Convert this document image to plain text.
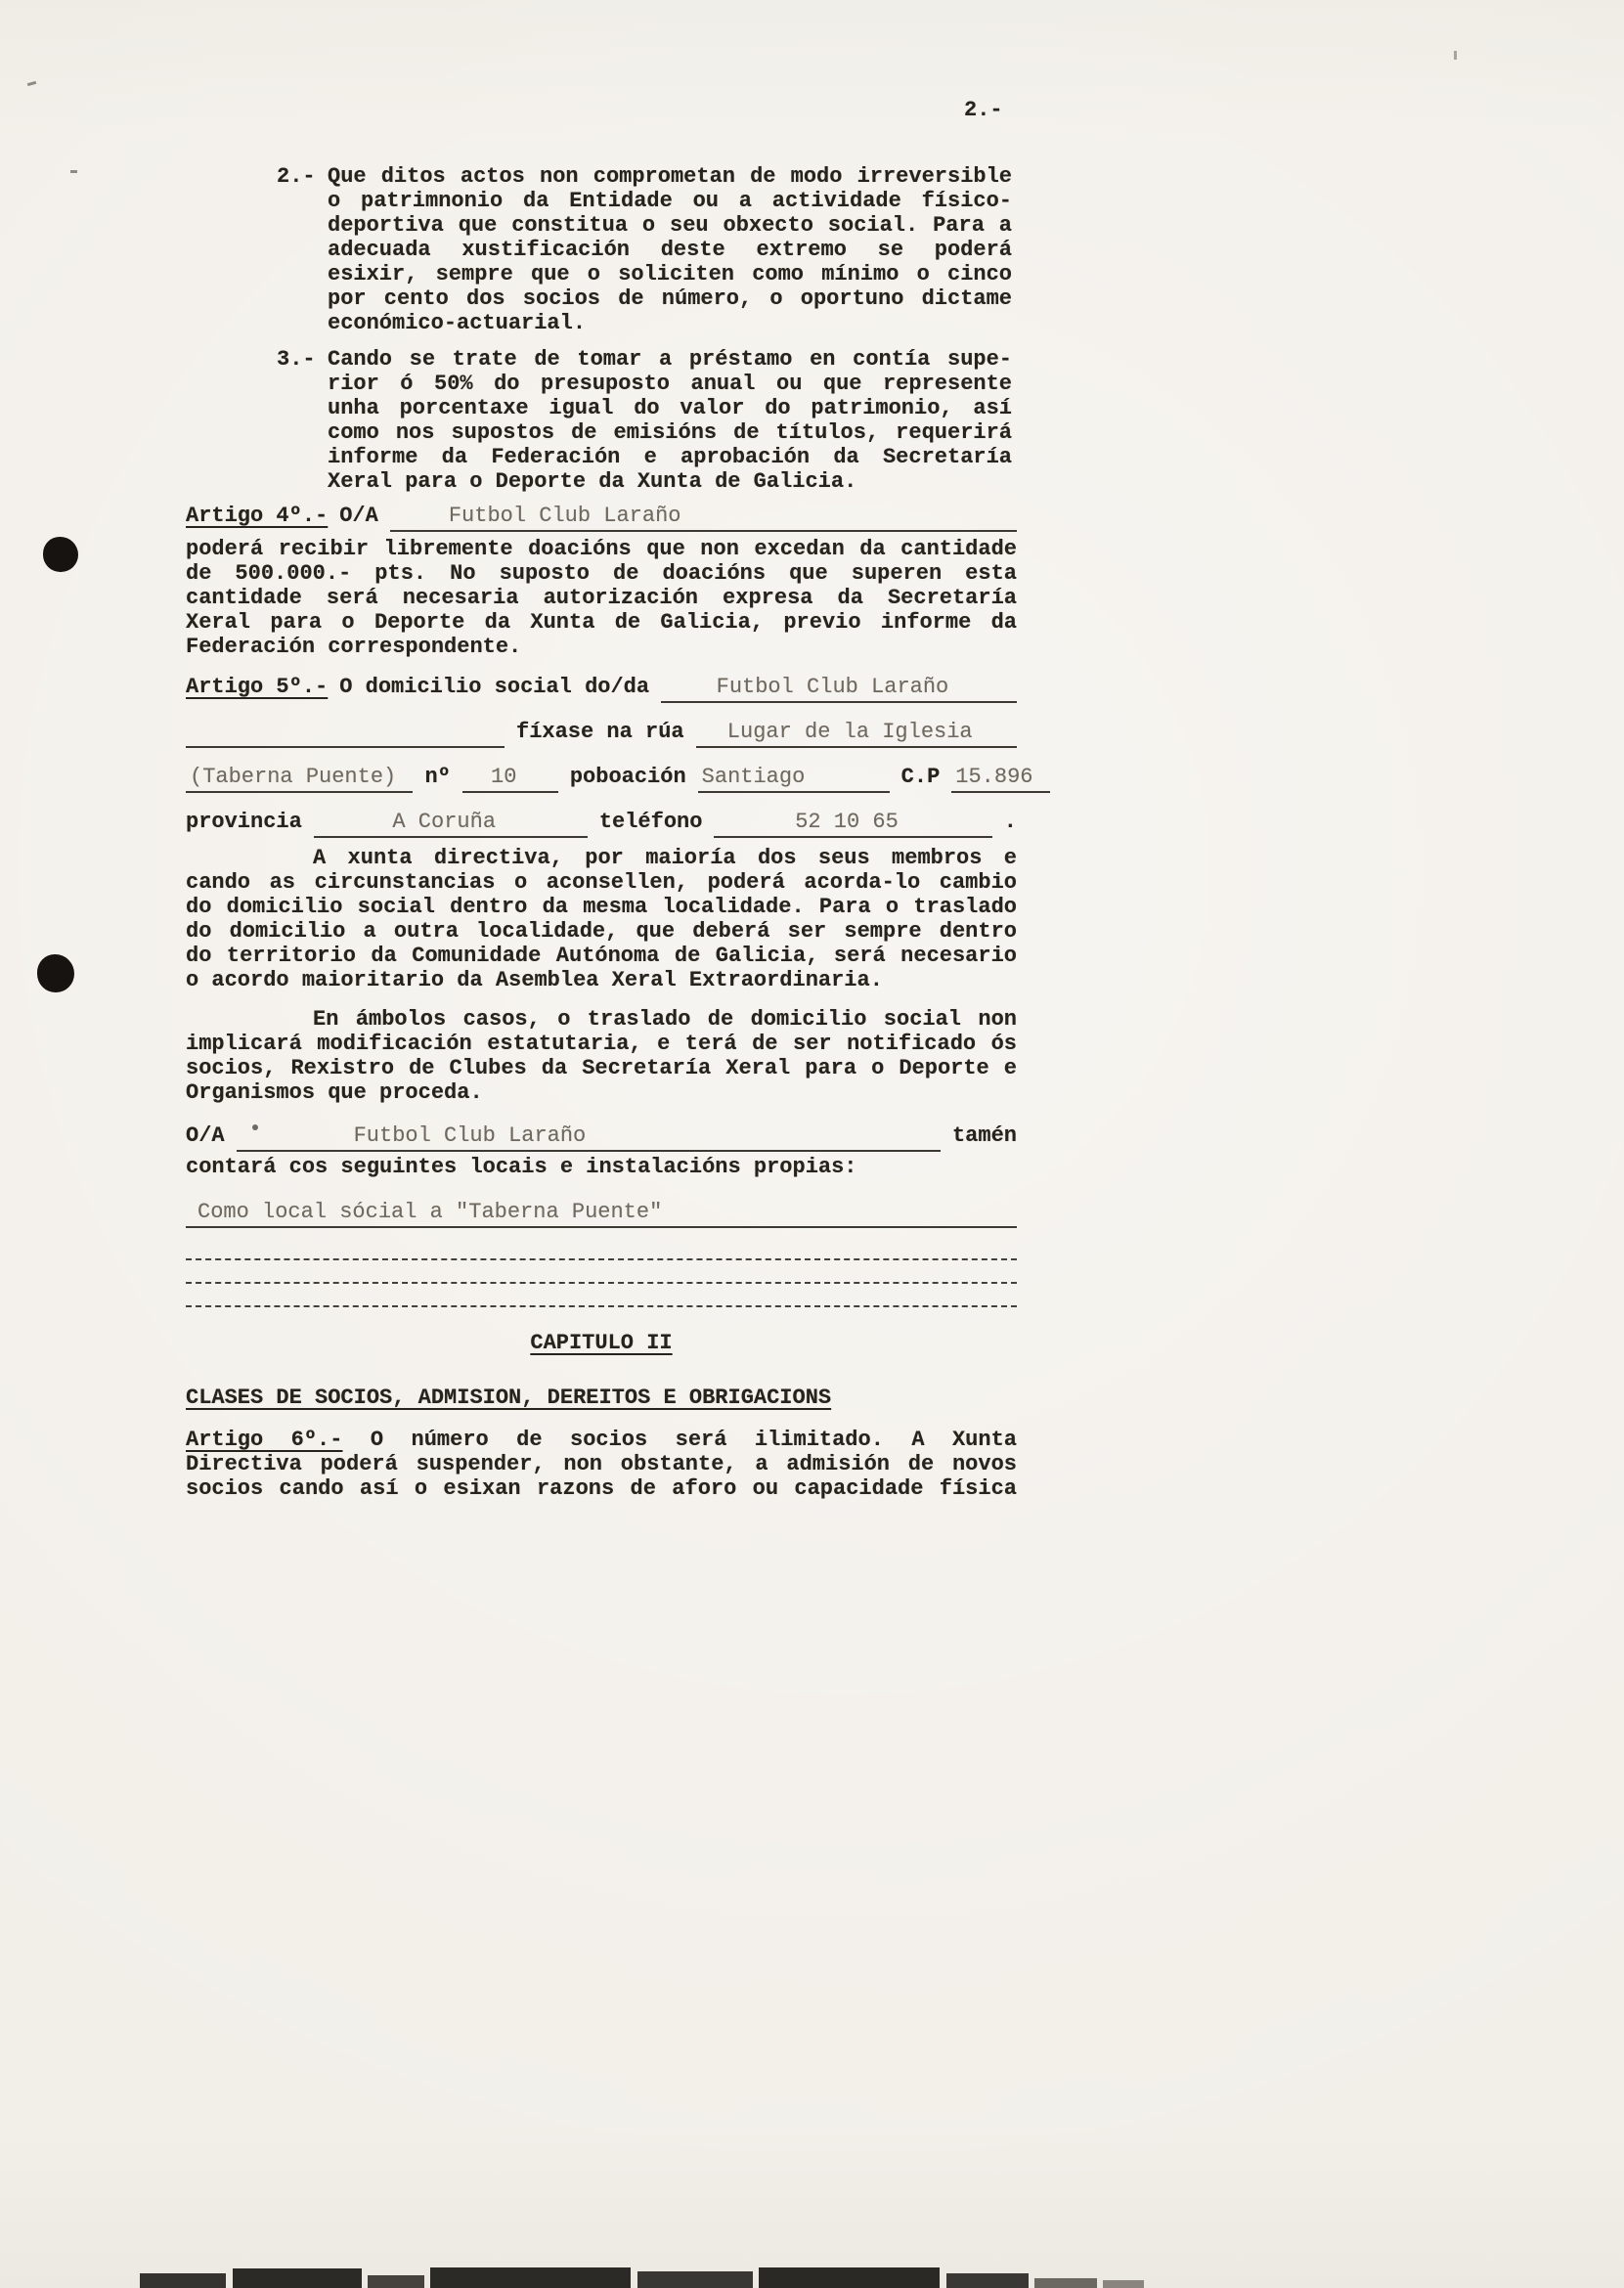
2.-
2.- Que ditos actos non comprometan de modo irreversible
o patrimnonio da Entidade ou a actividade físico-
deportiva que constitua o seu obxecto social. Para a
adecuada xustificación deste extremo se poderá
esixir, sempre que o soliciten como mínimo o cinco
por cento dos socios de número, o oportuno dictame
económico-actuarial.
3.- Cando se trate de tomar a préstamo en contía supe-
rior ó 50% do presuposto anual ou que represente
unha porcentaxe igual do valor do patrimonio, así
como nos supostos de emisións de títulos, requerirá
informe da Federación e aprobación da Secretaría
Xeral para o Deporte da Xunta de Galicia.
Artigo 4º.- O/A	Futbol Club Laraño
poderá recibir libremente doacións que non excedan da cantidade
de 500.000.- pts. No suposto de doacións que superen esta
cantidade será necesaria autorización expresa da Secretaría
Xeral para o Deporte da Xunta de Galicia, previo informe da
Federación correspondente.
Artigo 5º.- O domicilio social do/da	Futbol Club Laraño
fíxase na rúa	Lugar de la Iglesia
(Taberna Puente)	nº	10	poboación Santiago	C.P 15.896
provincia	A Coruña	teléfono	52 10 65	.
A xunta directiva, por maioría dos seus membros e
cando as circunstancias o aconsellen, poderá acorda-lo cambio
do domicilio social dentro da mesma localidade. Para o traslado
do domicilio a outra localidade, que deberá ser sempre dentro
do territorio da Comunidade Autónoma de Galicia, será necesario
o acordo maioritario da Asemblea Xeral Extraordinaria.
En ámbolos casos, o traslado de domicilio social non
implicará modificación estatutaria, e terá de ser notificado ós
socios, Rexistro de Clubes da Secretaría Xeral para o Deporte e
Organismos que proceda.
O/A	Futbol Club Laraño	tamén
contará cos seguintes locais e instalacións propias:
Como local sócial a "Taberna Puente"
CAPITULO II
CLASES DE SOCIOS, ADMISION, DEREITOS E OBRIGACIONS
Artigo 6º.- O número de socios será ilimitado. A Xunta
Directiva poderá suspender, non obstante, a admisión de novos
socios cando así o esixan razons de aforo ou capacidade física
